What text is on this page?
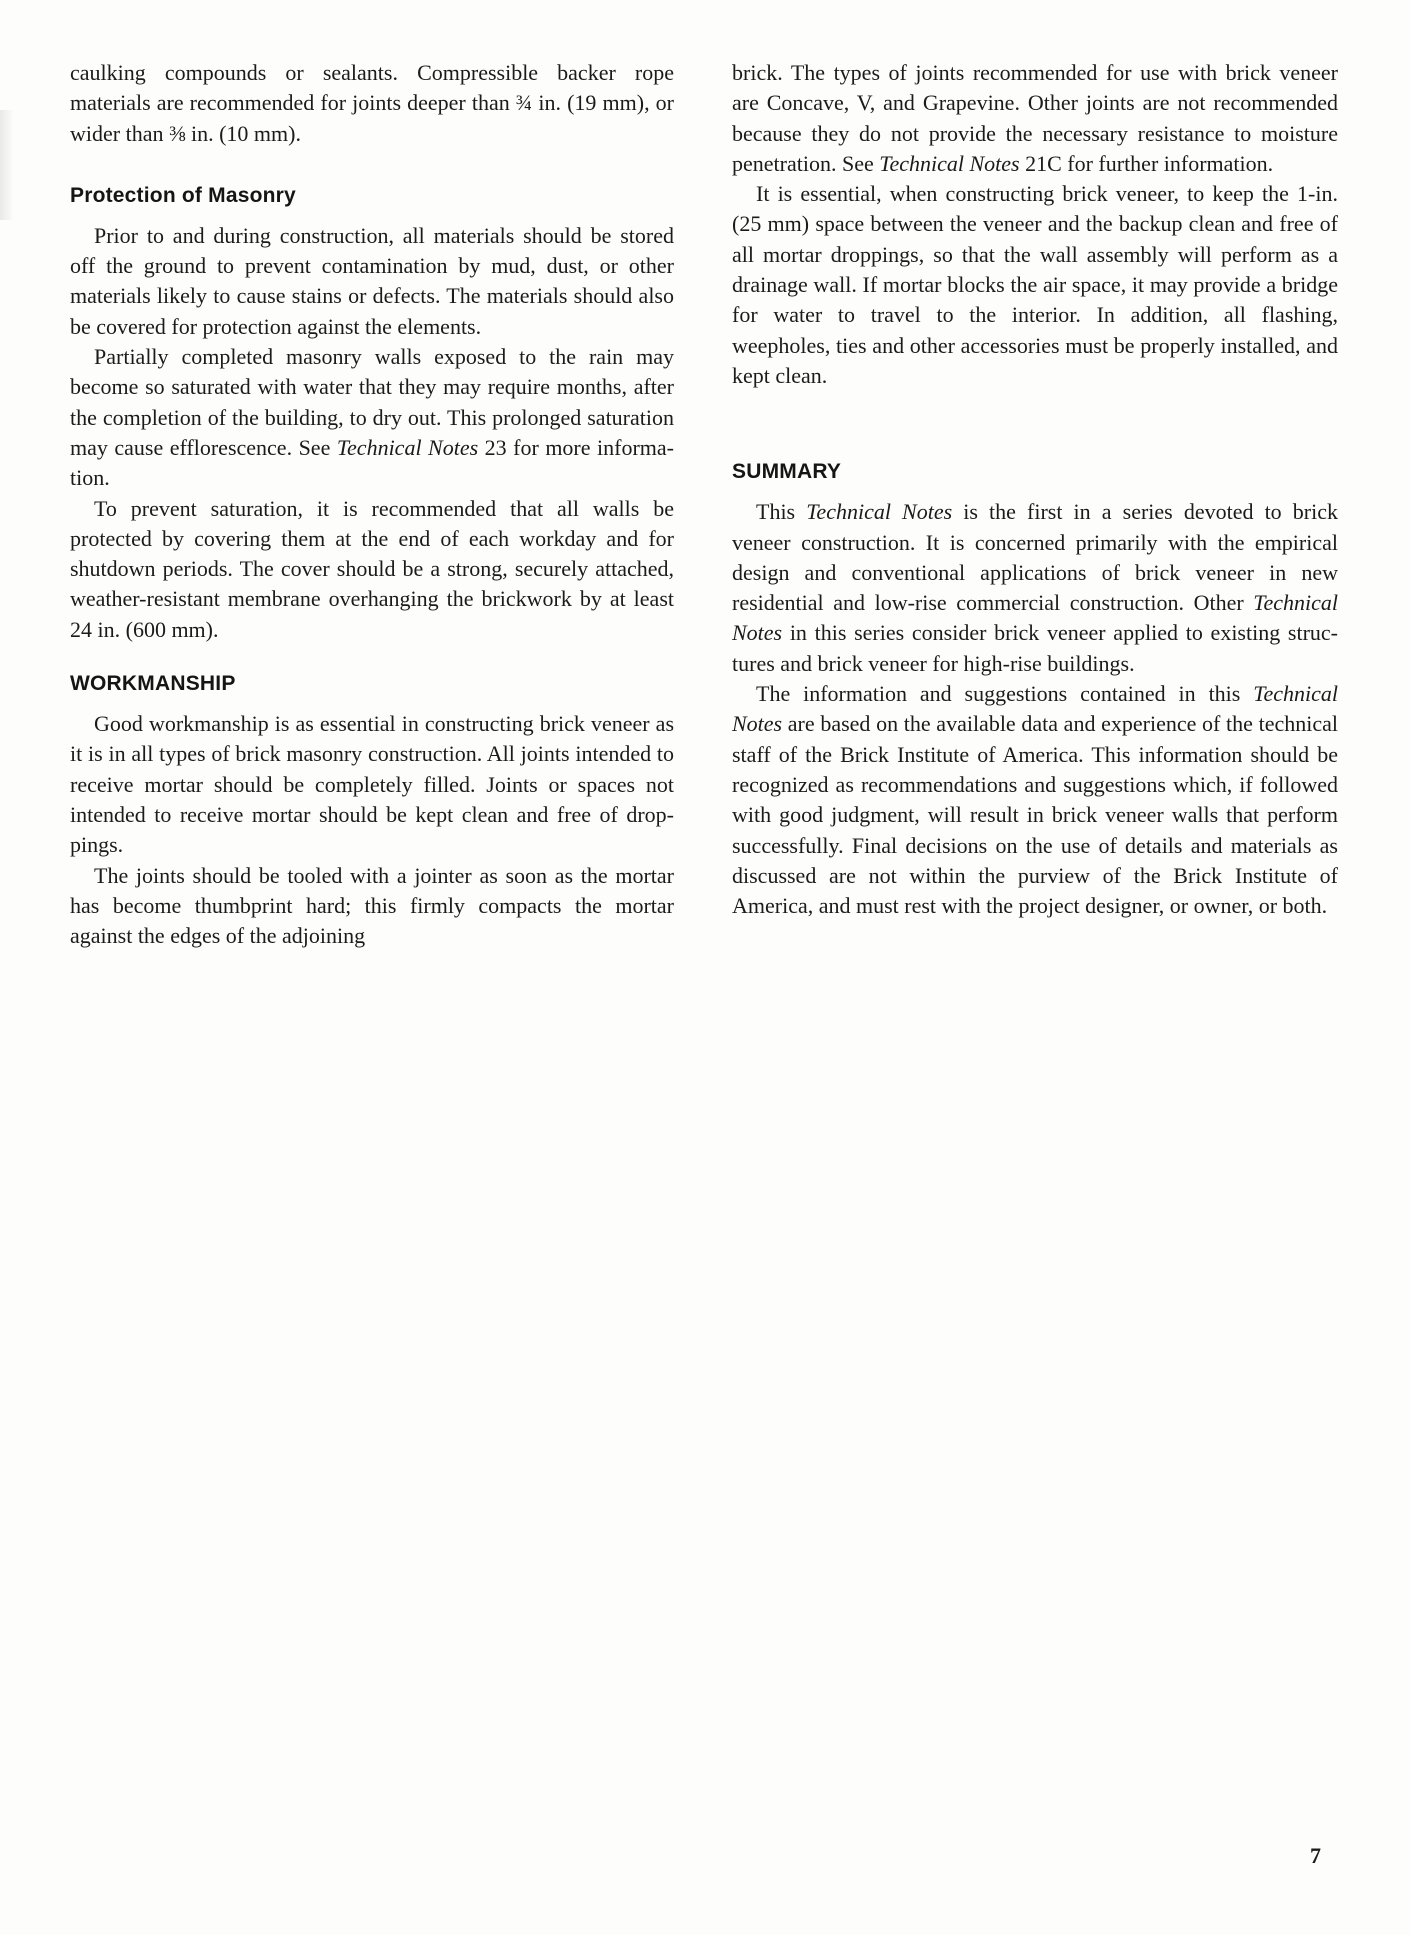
caulking compounds or sealants. Compressible backer rope materials are recommended for joints deeper than ¾ in. (19 mm), or wider than ⅜ in. (10 mm).

Protection of Masonry

Prior to and during construction, all materials should be stored off the ground to prevent contamination by mud, dust, or other materials likely to cause stains or defects. The materials should also be covered for protection against the elements.

Partially completed masonry walls exposed to the rain may become so saturated with water that they may require months, after the completion of the building, to dry out. This prolonged saturation may cause efflorescence. See Technical Notes 23 for more information.

To prevent saturation, it is recommended that all walls be protected by covering them at the end of each workday and for shutdown periods. The cover should be a strong, securely attached, weather-resistant membrane overhanging the brickwork by at least 24 in. (600 mm).

WORKMANSHIP

Good workmanship is as essential in constructing brick veneer as it is in all types of brick masonry construction. All joints intended to receive mortar should be completely filled. Joints or spaces not intended to receive mortar should be kept clean and free of droppings.

The joints should be tooled with a jointer as soon as the mortar has become thumbprint hard; this firmly compacts the mortar against the edges of the adjoining

brick. The types of joints recommended for use with brick veneer are Concave, V, and Grapevine. Other joints are not recommended because they do not provide the necessary resistance to moisture penetration. See Technical Notes 21C for further information.

It is essential, when constructing brick veneer, to keep the 1-in. (25 mm) space between the veneer and the backup clean and free of all mortar droppings, so that the wall assembly will perform as a drainage wall. If mortar blocks the air space, it may provide a bridge for water to travel to the interior. In addition, all flashing, weepholes, ties and other accessories must be properly installed, and kept clean.

SUMMARY

This Technical Notes is the first in a series devoted to brick veneer construction. It is concerned primarily with the empirical design and conventional applications of brick veneer in new residential and low-rise commercial construction. Other Technical Notes in this series consider brick veneer applied to existing structures and brick veneer for high-rise buildings.

The information and suggestions contained in this Technical Notes are based on the available data and experience of the technical staff of the Brick Institute of America. This information should be recognized as recommendations and suggestions which, if followed with good judgment, will result in brick veneer walls that perform successfully. Final decisions on the use of details and materials as discussed are not within the purview of the Brick Institute of America, and must rest with the project designer, or owner, or both.

7
